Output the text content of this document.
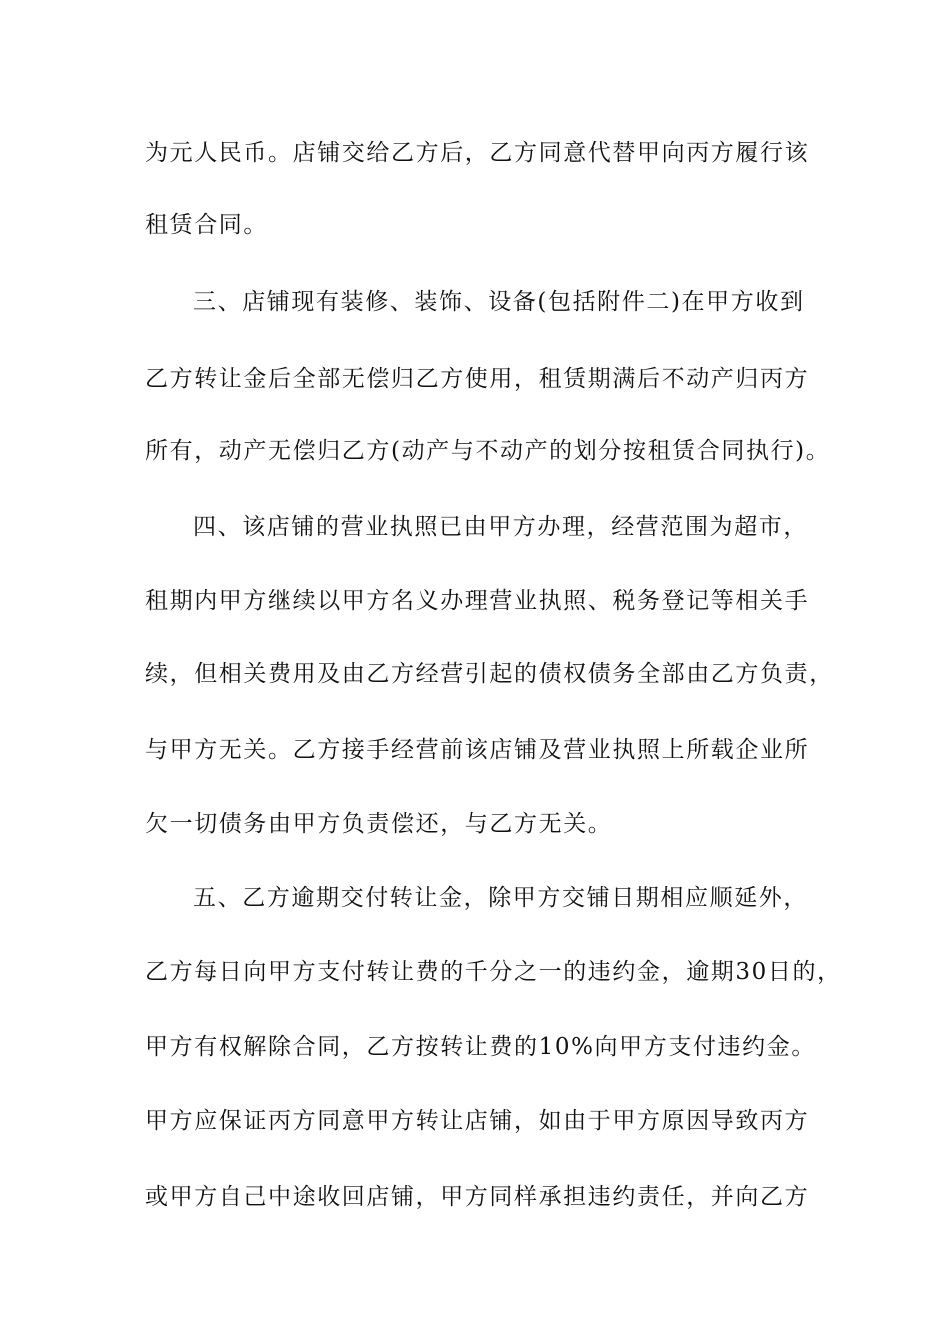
为元人民币。店铺交给乙方后，乙方同意代替甲向丙方履行该
租赁合同。
三、店铺现有装修、装饰、设备(包括附件二)在甲方收到
乙方转让金后全部无偿归乙方使用，租赁期满后不动产归丙方
所有，动产无偿归乙方(动产与不动产的划分按租赁合同执行)。
四、该店铺的营业执照已由甲方办理，经营范围为超市，
租期内甲方继续以甲方名义办理营业执照、税务登记等相关手
续，但相关费用及由乙方经营引起的债权债务全部由乙方负责，
与甲方无关。乙方接手经营前该店铺及营业执照上所载企业所
欠一切债务由甲方负责偿还，与乙方无关。
五、乙方逾期交付转让金，除甲方交铺日期相应顺延外，
乙方每日向甲方支付转让费的千分之一的违约金，逾期30日的，
甲方有权解除合同，乙方按转让费的10%向甲方支付违约金。
甲方应保证丙方同意甲方转让店铺，如由于甲方原因导致丙方
或甲方自己中途收回店铺，甲方同样承担违约责任，并向乙方
